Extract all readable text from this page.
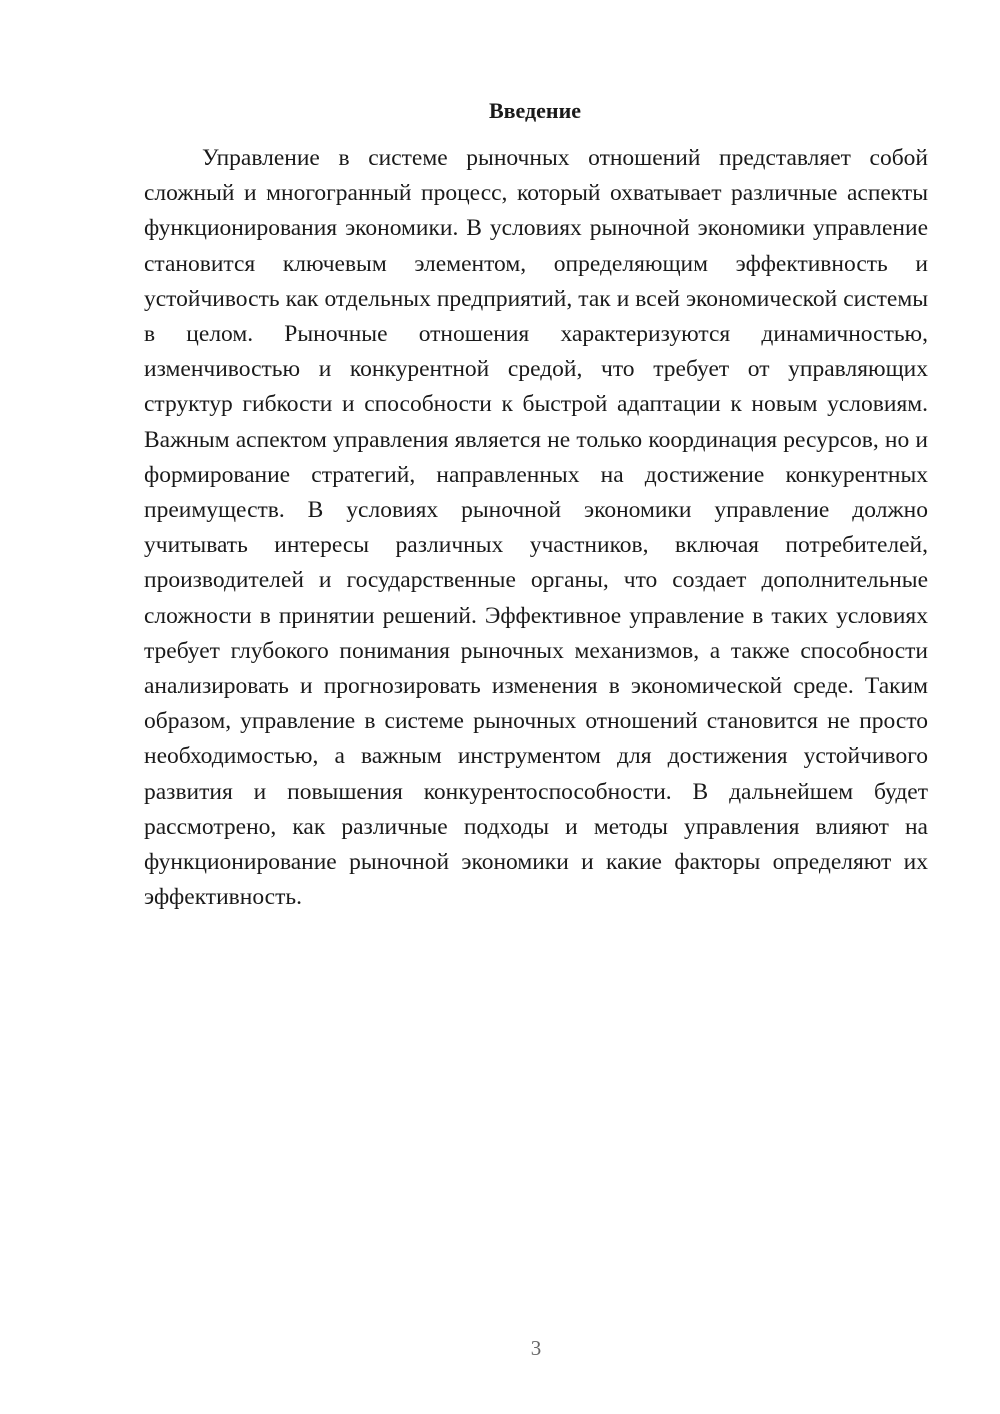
Введение

Управление в системе рыночных отношений представляет собой сложный и многогранный процесс, который охватывает различные аспекты функционирования экономики. В условиях рыночной экономики управление становится ключевым элементом, определяющим эффективность и устойчивость как отдельных предприятий, так и всей экономической системы в целом. Рыночные отношения характеризуются динамичностью, изменчивостью и конкурентной средой, что требует от управляющих структур гибкости и способности к быстрой адаптации к новым условиям. Важным аспектом управления является не только координация ресурсов, но и формирование стратегий, направленных на достижение конкурентных преимуществ. В условиях рыночной экономики управление должно учитывать интересы различных участников, включая потребителей, производителей и государственные органы, что создает дополнительные сложности в принятии решений. Эффективное управление в таких условиях требует глубокого понимания рыночных механизмов, а также способности анализировать и прогнозировать изменения в экономической среде. Таким образом, управление в системе рыночных отношений становится не просто необходимостью, а важным инструментом для достижения устойчивого развития и повышения конкурентоспособности. В дальнейшем будет рассмотрено, как различные подходы и методы управления влияют на функционирование рыночной экономики и какие факторы определяют их эффективность.

3
